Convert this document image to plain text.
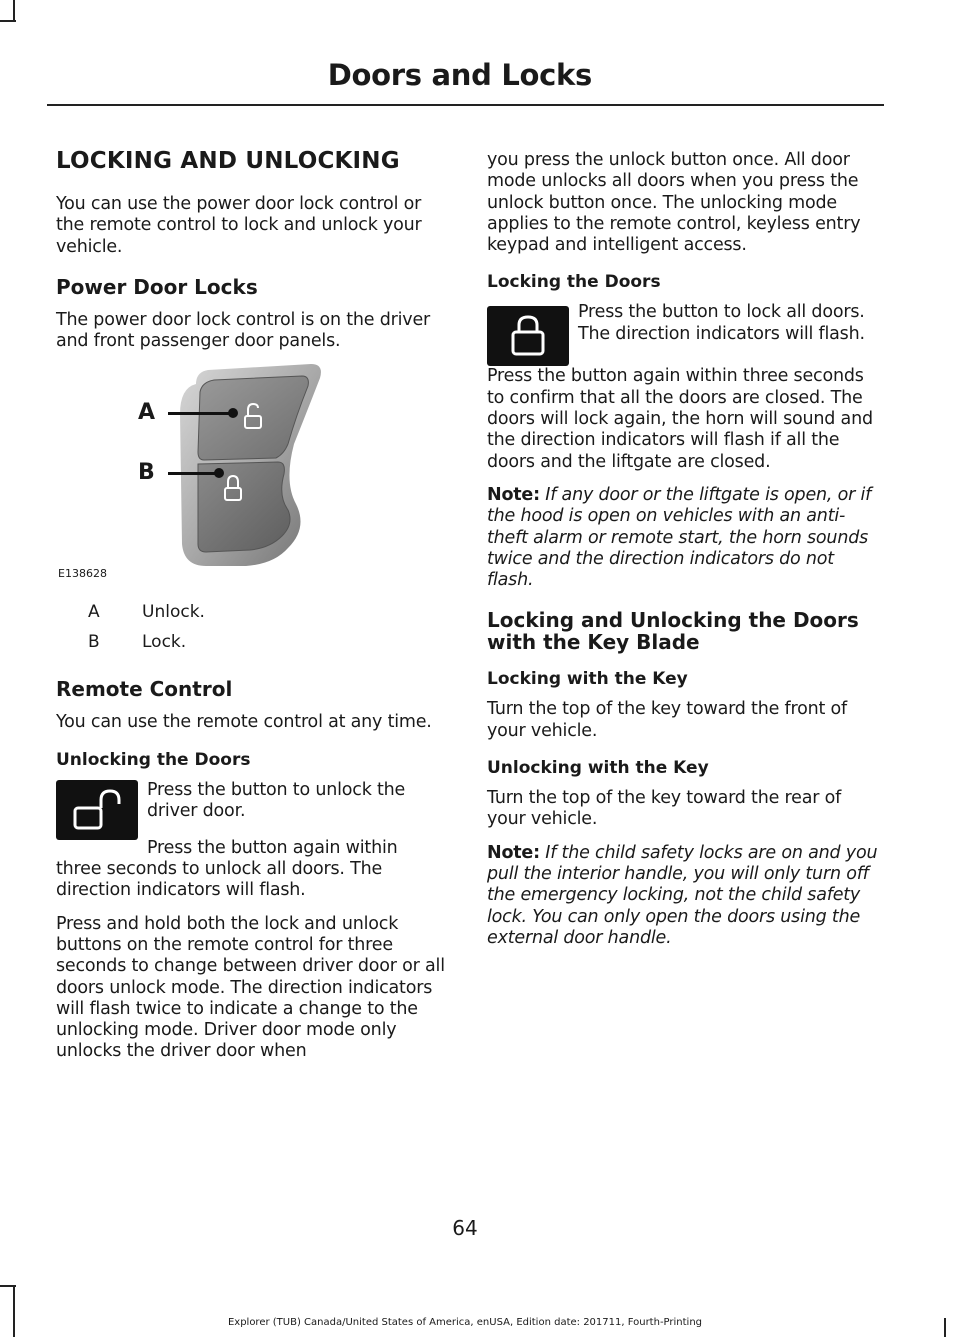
Doors and Locks
LOCKING AND UNLOCKING

You can use the power door lock control or the remote control to lock and unlock your vehicle.

Power Door Locks

The power door lock control is on the driver and front passenger door panels.

A
B
E138628
A	Unlock.
B	Lock.
Remote Control

You can use the remote control at any time.

Unlocking the Doors

Press the button to unlock the driver door.

Press the button again within three seconds to unlock all doors. The direction indicators will flash.

Press and hold both the lock and unlock buttons on the remote control for three seconds to change between driver door or all doors unlock mode. The direction indicators will flash twice to indicate a change to the unlocking mode. Driver door mode only unlocks the driver door when

you press the unlock button once. All door mode unlocks all doors when you press the unlock button once. The unlocking mode applies to the remote control, keyless entry keypad and intelligent access.

Locking the Doors

Press the button to lock all doors. The direction indicators will flash.

Press the button again within three seconds to confirm that all the doors are closed. The doors will lock again, the horn will sound and the direction indicators will flash if all the doors and the liftgate are closed.

Note: If any door or the liftgate is open, or if the hood is open on vehicles with an anti-theft alarm or remote start, the horn sounds twice and the direction indicators do not flash.

Locking and Unlocking the Doors with the Key Blade
Locking with the Key

Turn the top of the key toward the front of your vehicle.

Unlocking with the Key

Turn the top of the key toward the rear of your vehicle.

Note: If the child safety locks are on and you pull the interior handle, you will only turn off the emergency locking, not the child safety lock. You can only open the doors using the external door handle.

64
Explorer (TUB) Canada/United States of America, enUSA, Edition date: 201711, Fourth-Printing
